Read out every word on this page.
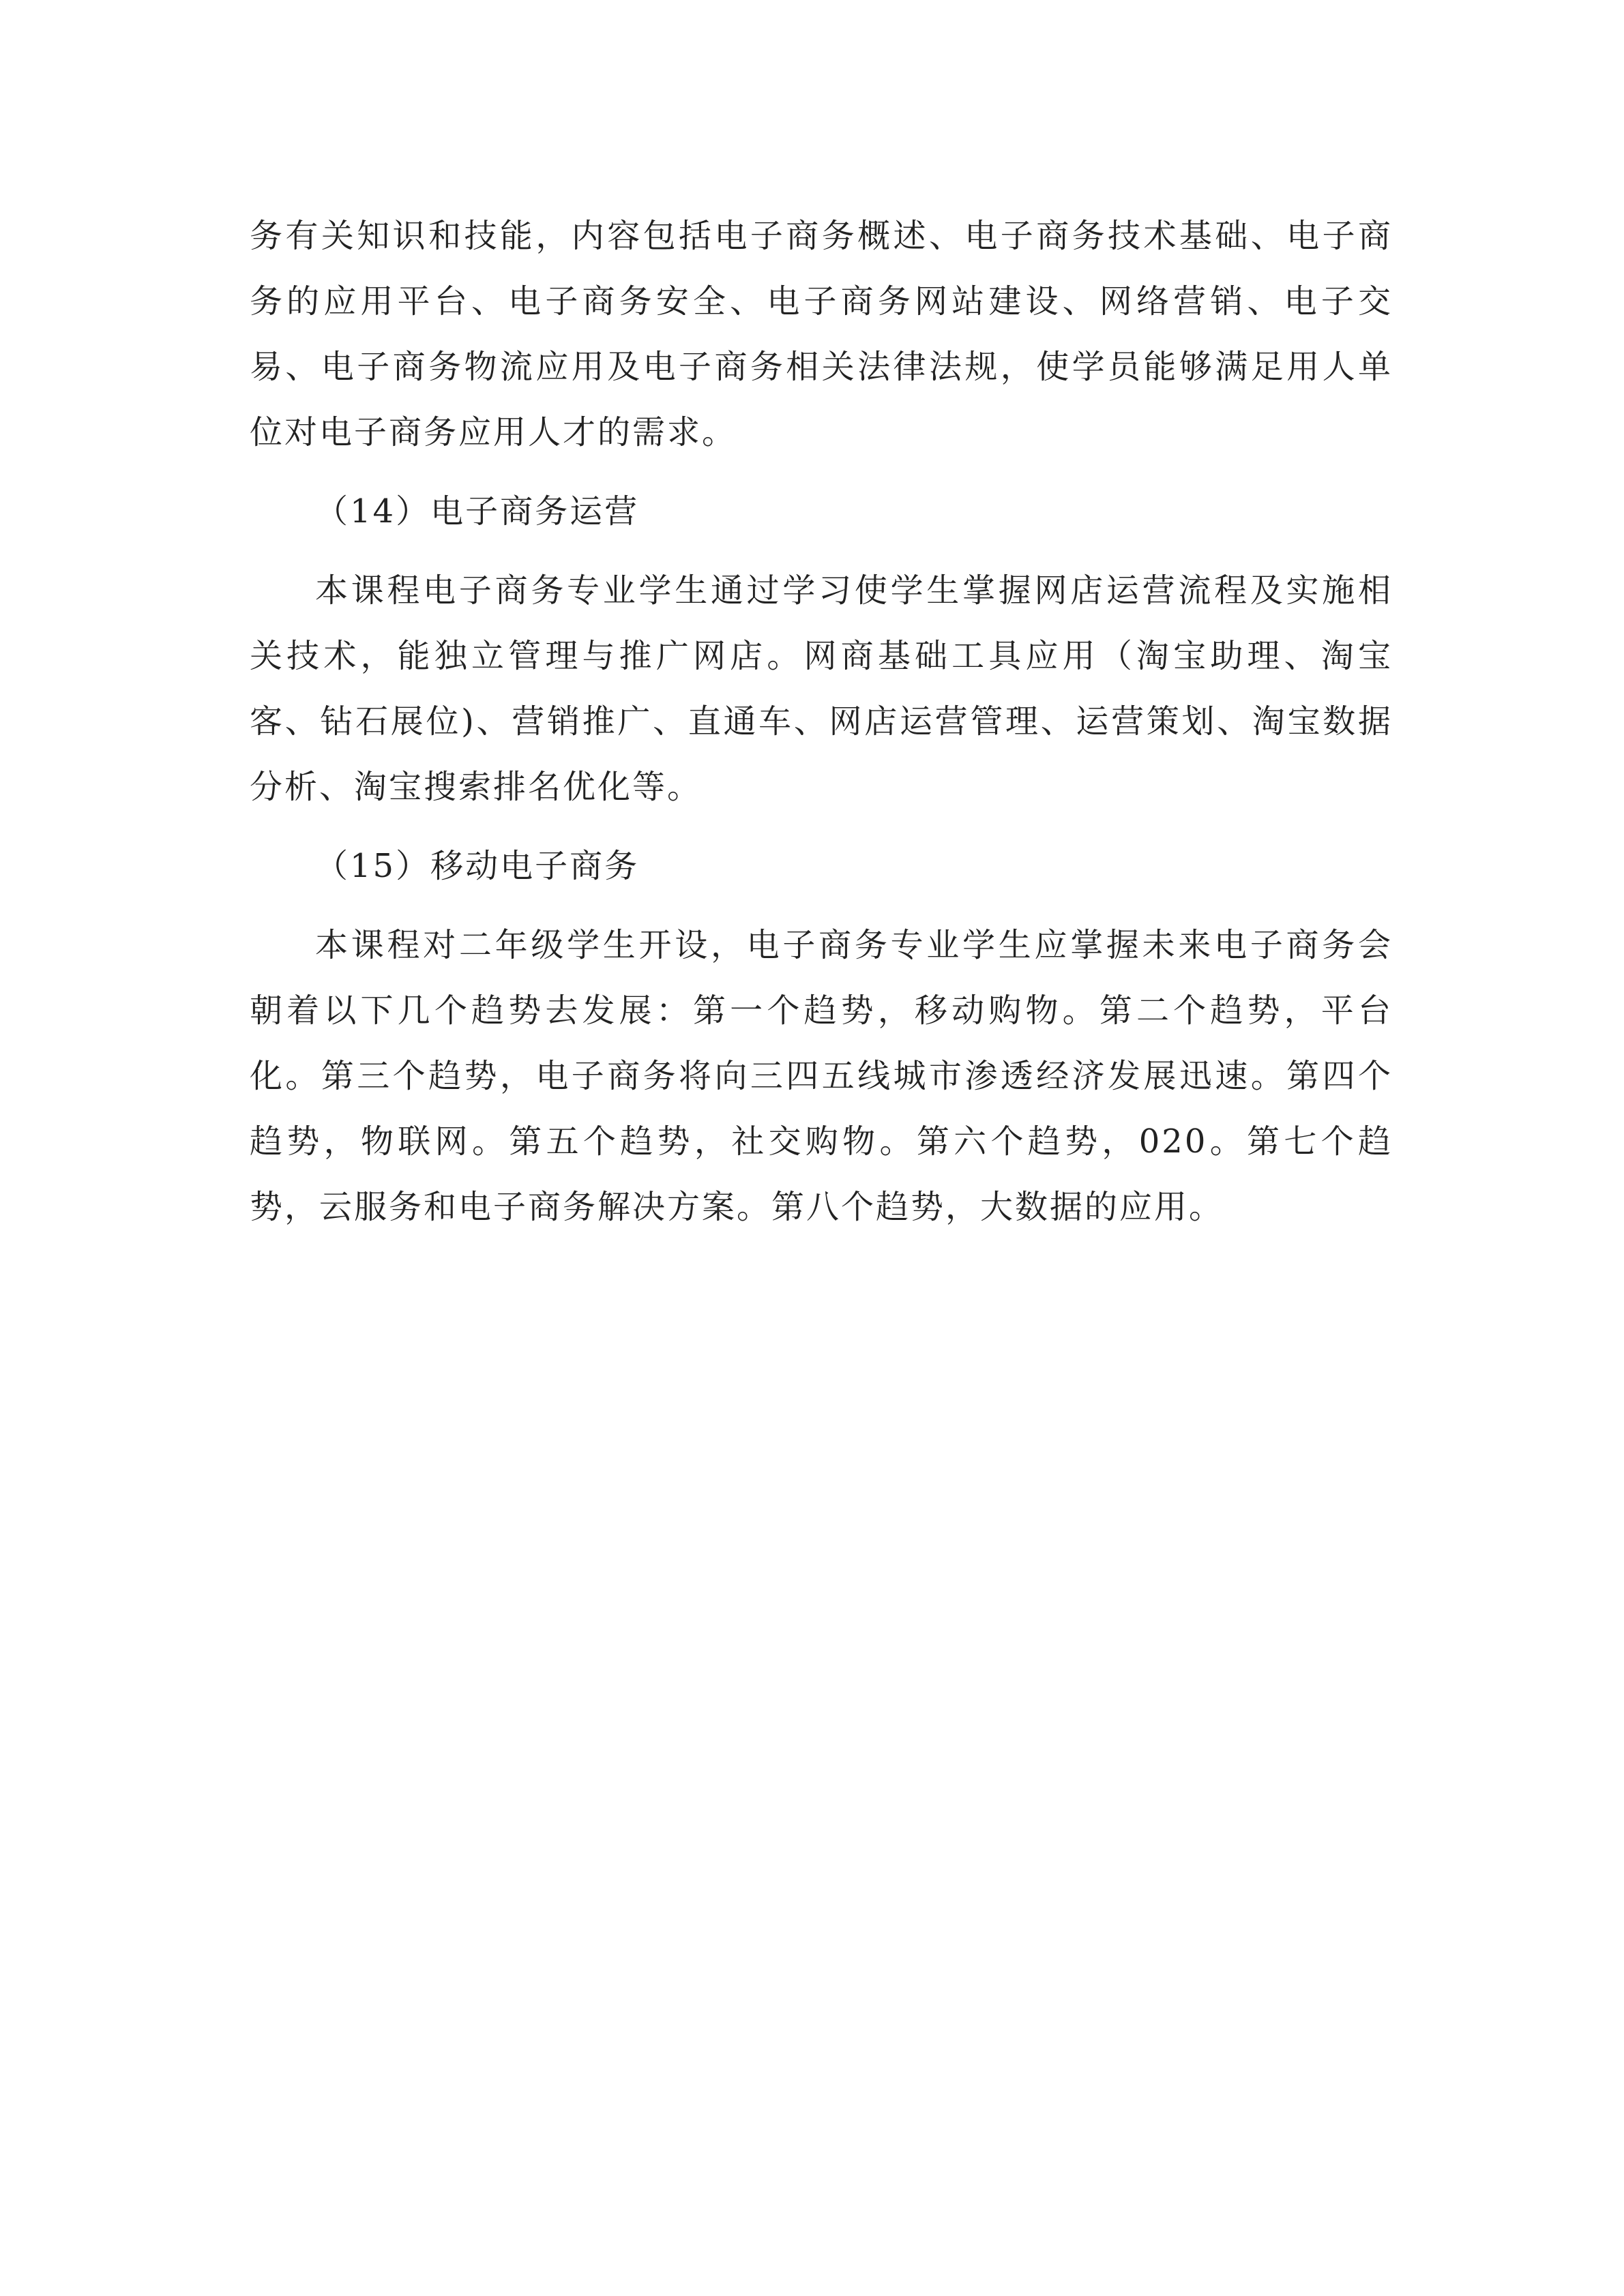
务有关知识和技能，内容包括电子商务概述、电子商务技术基础、电子商务的应用平台、电子商务安全、电子商务网站建设、网络营销、电子交易、电子商务物流应用及电子商务相关法律法规，使学员能够满足用人单位对电子商务应用人才的需求。

（14）电子商务运营

本课程电子商务专业学生通过学习使学生掌握网店运营流程及实施相关技术，能独立管理与推广网店。网商基础工具应用（淘宝助理、淘宝客、钻石展位)、营销推广、直通车、网店运营管理、运营策划、淘宝数据分析、淘宝搜索排名优化等。

（15）移动电子商务

本课程对二年级学生开设，电子商务专业学生应掌握未来电子商务会朝着以下几个趋势去发展：第一个趋势，移动购物。第二个趋势，平台化。第三个趋势，电子商务将向三四五线城市渗透经济发展迅速。第四个趋势，物联网。第五个趋势，社交购物。第六个趋势，020。第七个趋势，云服务和电子商务解决方案。第八个趋势，大数据的应用。
